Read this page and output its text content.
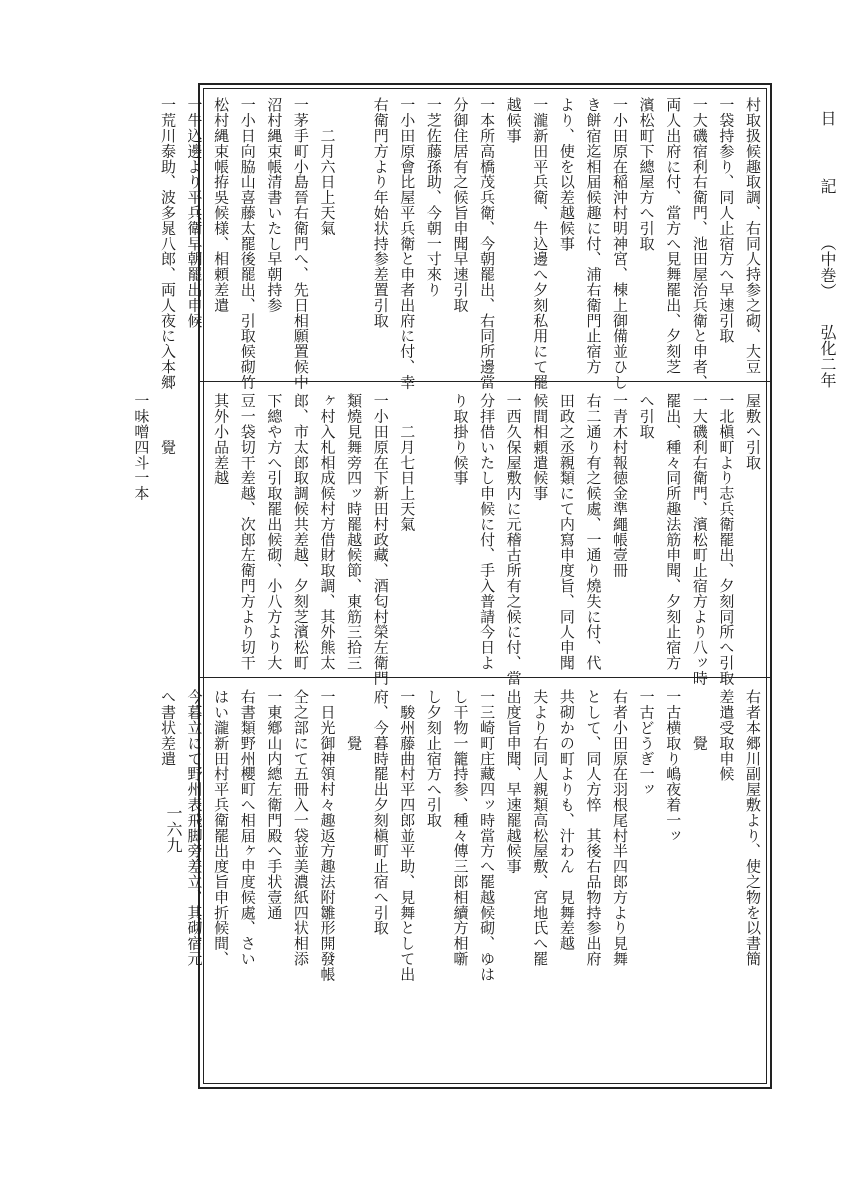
日　記 （中巻） 弘化二年
一六九
村取扱候趣取調、右同人持参之砌、大豆
一袋持参り、同人止宿方へ早速引取
一大磯宿利右衛門、池田屋治兵衛と申者、
両人出府に付、當方へ見舞罷出、夕刻芝
濱松町下總屋方へ引取
一小田原在稲沖村明神宮、棟上御備並ひし
き餅宿迄相届候趣に付、浦右衛門止宿方
より、使を以差越候事
一瀧新田平兵衛、牛込邊へ夕刻私用にて罷
越候事
一本所高橋茂兵衛、今朝罷出、右同所邊當
分御住居有之候旨申聞早速引取
一芝佐藤孫助、今朝一寸來り
一小田原會比屋平兵衛と申者出府に付、幸
右衛門方より年始状持参差置引取

　　二月六日上天氣
一茅手町小島晉右衛門へ、先日相願置候中
沼村縄束帳清書いたし早朝持参
一小日向脇山喜藤太罷後罷出、引取候砌竹
松村縄束帳拵吳候様、相頼差遣
一牛込邊より平兵衛早朝罷出申候
一荒川泰助、波多晁八郎、両人夜に入本郷
屋敷へ引取
一北槇町より志兵衛罷出、夕刻同所へ引取
一大磯利右衛門、濱松町止宿方より八ッ時
罷出、種々同所趣法筋申聞、夕刻止宿方
へ引取
一青木村報徳金準繩帳壹冊
右二通り有之候處、一通り燒失に付、代
田政之丞親類にて内寫申度旨、同人申聞
候間相頼遣候事
一西久保屋敷内に元稽古所有之候に付、當
分拝借いたし申候に付、手入普請今日よ
り取掛り候事

　　二月七日上天氣
一小田原在下新田村政藏、酒匂村榮左衛門
類燒見舞旁四ッ時罷越候節、東筋三拾三
ヶ村入札相成候村方借財取調、其外熊太
郎、市太郎取調候共差越、夕刻芝濱松町
下總や方へ引取罷出候砌、小八方より大
豆一袋切干差越、次郎左衛門方より切干
其外小品差越

　　　覺
一味噌四斗一本
右者本郷川副屋敷より、使之物を以書簡
差遣受取申候
　　　覺
一古横取り嶋夜着一ッ
一古どうぎ一ッ
右者小田原在羽根尾村半四郎方より見舞
として、同人方悴　其後右品物持参出府
共砌かの町よりも、汁わん　見舞差越
夫より右同人親類高松屋敷、宮地氏へ罷
出度旨申聞、早速罷越候事
一三崎町庄藏四ッ時當方へ罷越候砌、ゆは
し干物一籠持参、種々傳三郎相續方相噺
し夕刻止宿方へ引取
一駿州藤曲村平四郎並平助、見舞として出
府、今暮時罷出夕刻槇町止宿へ引取
　　　覺
一日光御神領村々趣返方趣法附雛形開發帳
仝之部にて五冊入一袋並美濃紙四状相添
一東鄕山内總左衛門殿へ手状壹通
右書類野州櫻町へ相届ヶ申度候處、さい
はい瀧新田村平兵衛罷出度旨申折候間、
今暮立にて野州表飛脚旁差立、其砌宿元
へ書状差遣
